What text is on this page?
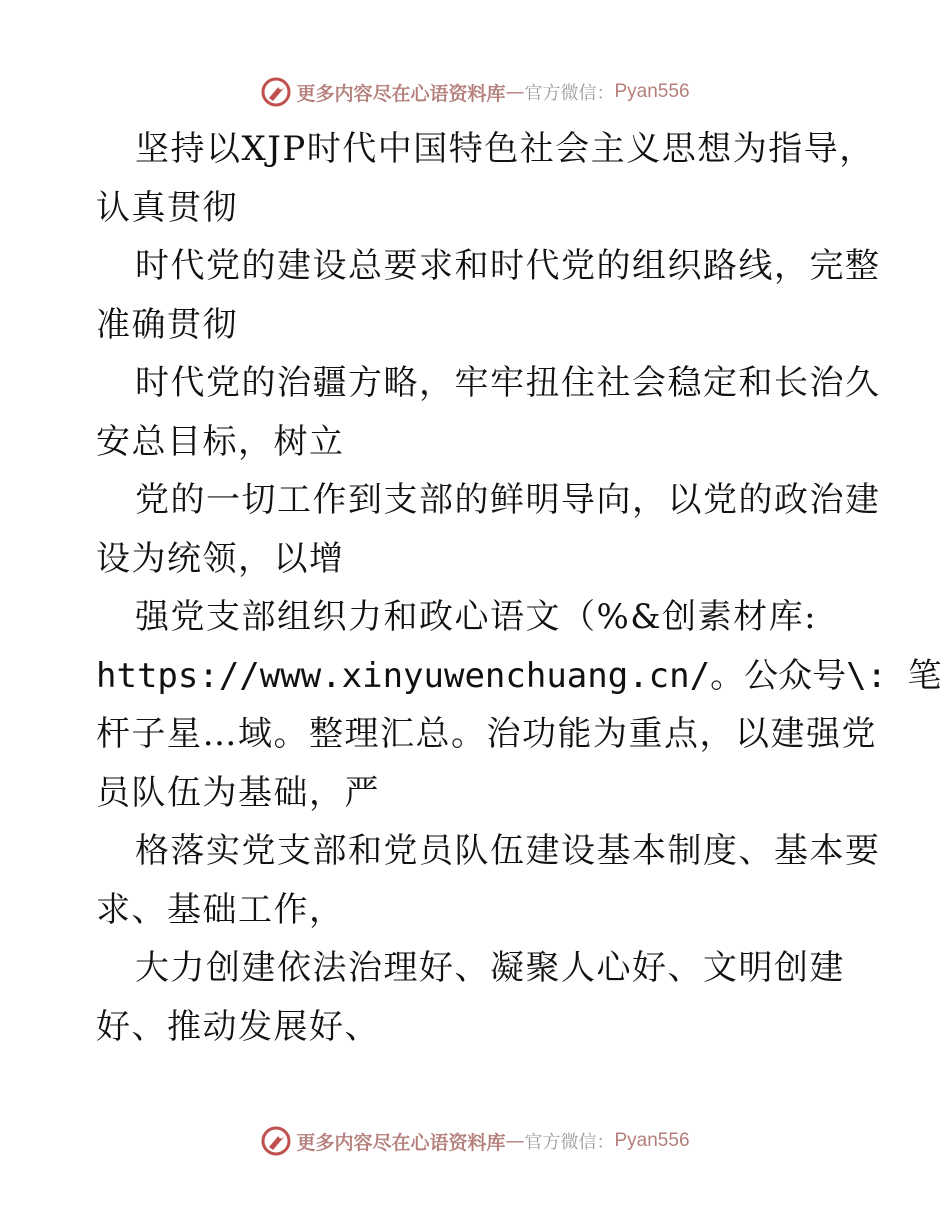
更多内容尽在心语资料库 — 官方微信： Pyan556
坚持以XJP时代中国特色社会主义思想为指导，
认真贯彻
时代党的建设总要求和时代党的组织路线，完整
准确贯彻
时代党的治疆方略，牢牢扭住社会稳定和长治久
安总目标，树立
党的一切工作到支部的鲜明导向，以党的政治建
设为统领，以增
强党支部组织力和政心语文（%&创素材库:
https://www.xinyuwenchuang.cn/。公众号\: 笔
杆子星…域。整理汇总。治功能为重点，以建强党
员队伍为基础，严
格落实党支部和党员队伍建设基本制度、基本要
求、基础工作，
大力创建依法治理好、凝聚人心好、文明创建
好、推动发展好、
更多内容尽在心语资料库 — 官方微信： Pyan556
